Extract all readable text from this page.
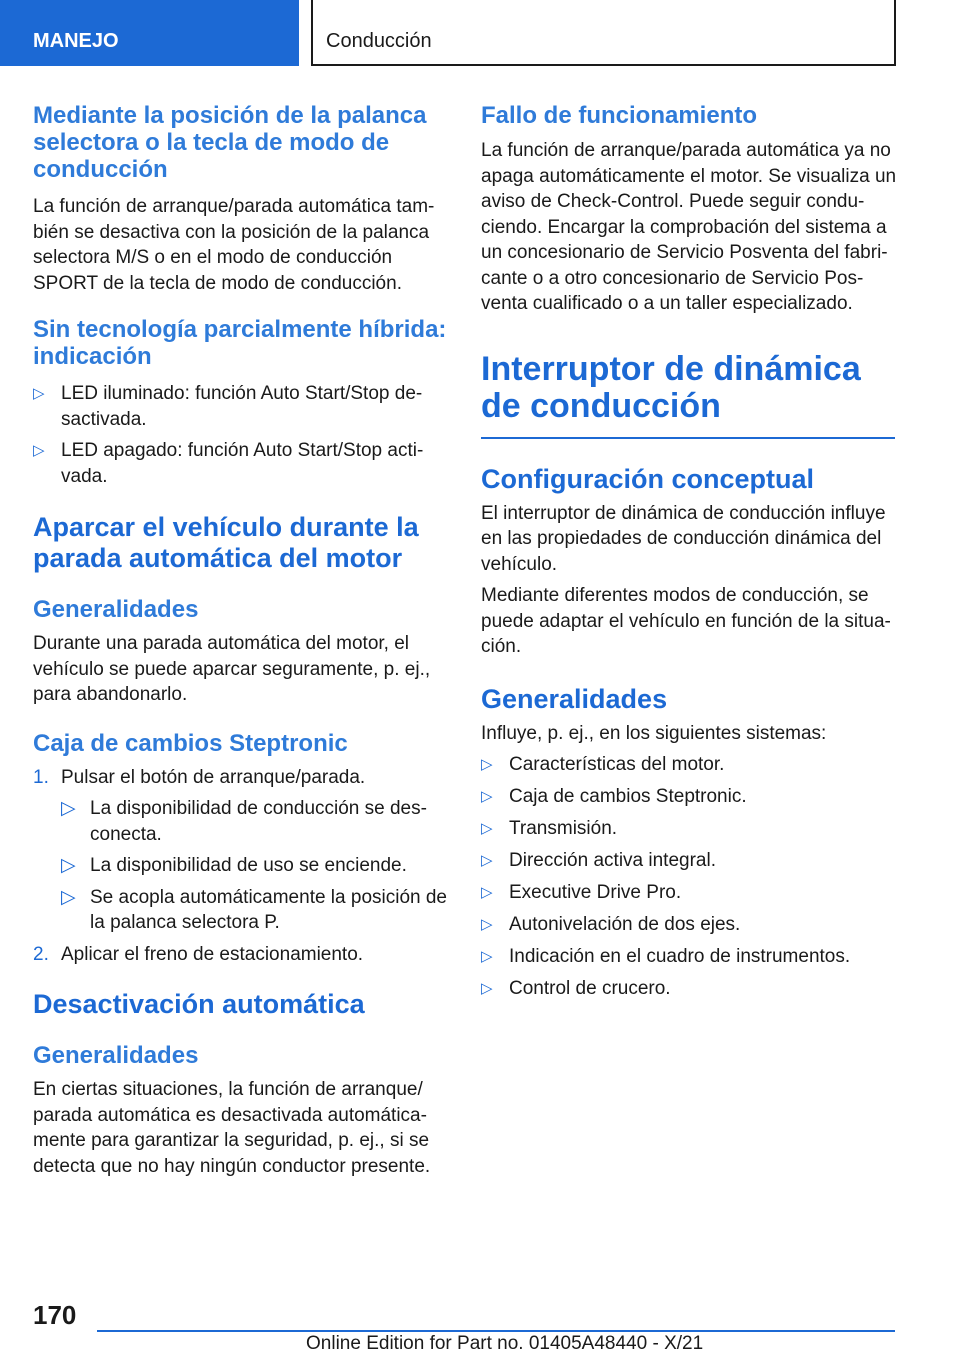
MANEJO	Conducción
Mediante la posición de la palanca selectora o la tecla de modo de conducción

La función de arranque/parada automática tam-bién se desactiva con la posición de la palanca selectora M/S o en el modo de conducción SPORT de la tecla de modo de conducción.

Sin tecnología parcialmente híbrida: indicación
▷ LED iluminado: función Auto Start/Stop de-sactivada.
▷ LED apagado: función Auto Start/Stop acti-vada.
Aparcar el vehículo durante la parada automática del motor
Generalidades

Durante una parada automática del motor, el vehículo se puede aparcar seguramente, p. ej., para abandonarlo.

Caja de cambios Steptronic
1. Pulsar el botón de arranque/parada.
▷ La disponibilidad de conducción se des-conecta.
▷ La disponibilidad de uso se enciende.
▷ Se acopla automáticamente la posición de la palanca selectora P.
2. Aplicar el freno de estacionamiento.
Desactivación automática
Generalidades

En ciertas situaciones, la función de arranque/ parada automática es desactivada automática-mente para garantizar la seguridad, p. ej., si se detecta que no hay ningún conductor presente.

Fallo de funcionamiento

La función de arranque/parada automática ya no apaga automáticamente el motor. Se visualiza un aviso de Check-Control. Puede seguir condu-ciendo. Encargar la comprobación del sistema a un concesionario de Servicio Posventa del fabri-cante o a otro concesionario de Servicio Pos-venta cualificado o a un taller especializado.

Interruptor de dinámica de conducción
Configuración conceptual

El interruptor de dinámica de conducción influye en las propiedades de conducción dinámica del vehículo.

Mediante diferentes modos de conducción, se puede adaptar el vehículo en función de la situa-ción.

Generalidades

Influye, p. ej., en los siguientes sistemas:

▷ Características del motor.
▷ Caja de cambios Steptronic.
▷ Transmisión.
▷ Dirección activa integral.
▷ Executive Drive Pro.
▷ Autonivelación de dos ejes.
▷ Indicación en el cuadro de instrumentos.
▷ Control de crucero.
170
Online Edition for Part no. 01405A48440 - X/21
